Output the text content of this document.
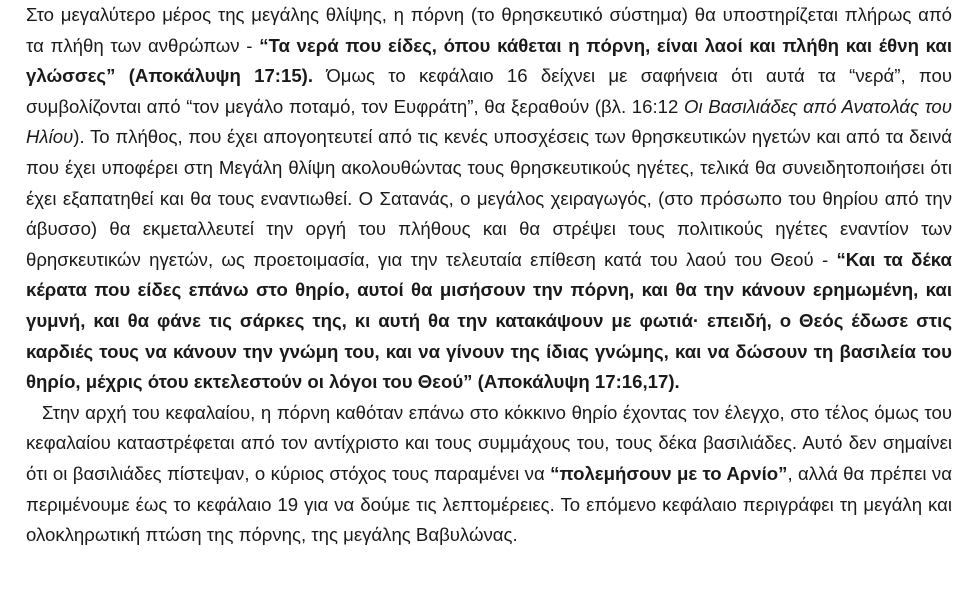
Στο μεγαλύτερο μέρος της μεγάλης θλίψης, η πόρνη (το θρησκευτικό σύστημα) θα υποστηρίζεται πλήρως από τα πλήθη των ανθρώπων - “Τα νερά που είδες, όπου κάθεται η πόρνη, είναι λαοί και πλήθη και έθνη και γλώσσες” (Αποκάλυψη 17:15). Όμως το κεφάλαιο 16 δείχνει με σαφήνεια ότι αυτά τα “νερά”, που συμβολίζονται από “τον μεγάλο ποταμό, τον Ευφράτη”, θα ξεραθούν (βλ. 16:12 Οι Βασιλιάδες από Ανατολάς του Ηλίου). Το πλήθος, που έχει απογοητευτεί από τις κενές υποσχέσεις των θρησκευτικών ηγετών και από τα δεινά που έχει υποφέρει στη Μεγάλη θλίψη ακολουθώντας τους θρησκευτικούς ηγέτες, τελικά θα συνειδητοποιήσει ότι έχει εξαπατηθεί και θα τους εναντιωθεί. Ο Σατανάς, ο μεγάλος χειραγωγός, (στο πρόσωπο του θηρίου από την άβυσσο) θα εκμεταλλευτεί την οργή του πλήθους και θα στρέψει τους πολιτικούς ηγέτες εναντίον των θρησκευτικών ηγετών, ως προετοιμασία, για την τελευταία επίθεση κατά του λαού του Θεού - “Και τα δέκα κέρατα που είδες επάνω στο θηρίο, αυτοί θα μισήσουν την πόρνη, και θα την κάνουν ερημωμένη, και γυμνή, και θα φάνε τις σάρκες της, κι αυτή θα την κατακάψουν με φωτιά· επειδή, ο Θεός έδωσε στις καρδιές τους να κάνουν την γνώμη του, και να γίνουν της ίδιας γνώμης, και να δώσουν τη βασιλεία του θηρίο, μέχρις ότου εκτελεστούν οι λόγοι του Θεού” (Αποκάλυψη 17:16,17).

Στην αρχή του κεφαλαίου, η πόρνη καθόταν επάνω στο κόκκινο θηρίο έχοντας τον έλεγχο, στο τέλος όμως του κεφαλαίου καταστρέφεται από τον αντίχριστο και τους συμμάχους του, τους δέκα βασιλιάδες. Αυτό δεν σημαίνει ότι οι βασιλιάδες πίστεψαν, ο κύριος στόχος τους παραμένει να “πολεμήσουν με το Αρνίο”, αλλά θα πρέπει να περιμένουμε έως το κεφάλαιο 19 για να δούμε τις λεπτομέρειες. Το επόμενο κεφάλαιο περιγράφει τη μεγάλη και ολοκληρωτική πτώση της πόρνης, της μεγάλης Βαβυλώνας.
